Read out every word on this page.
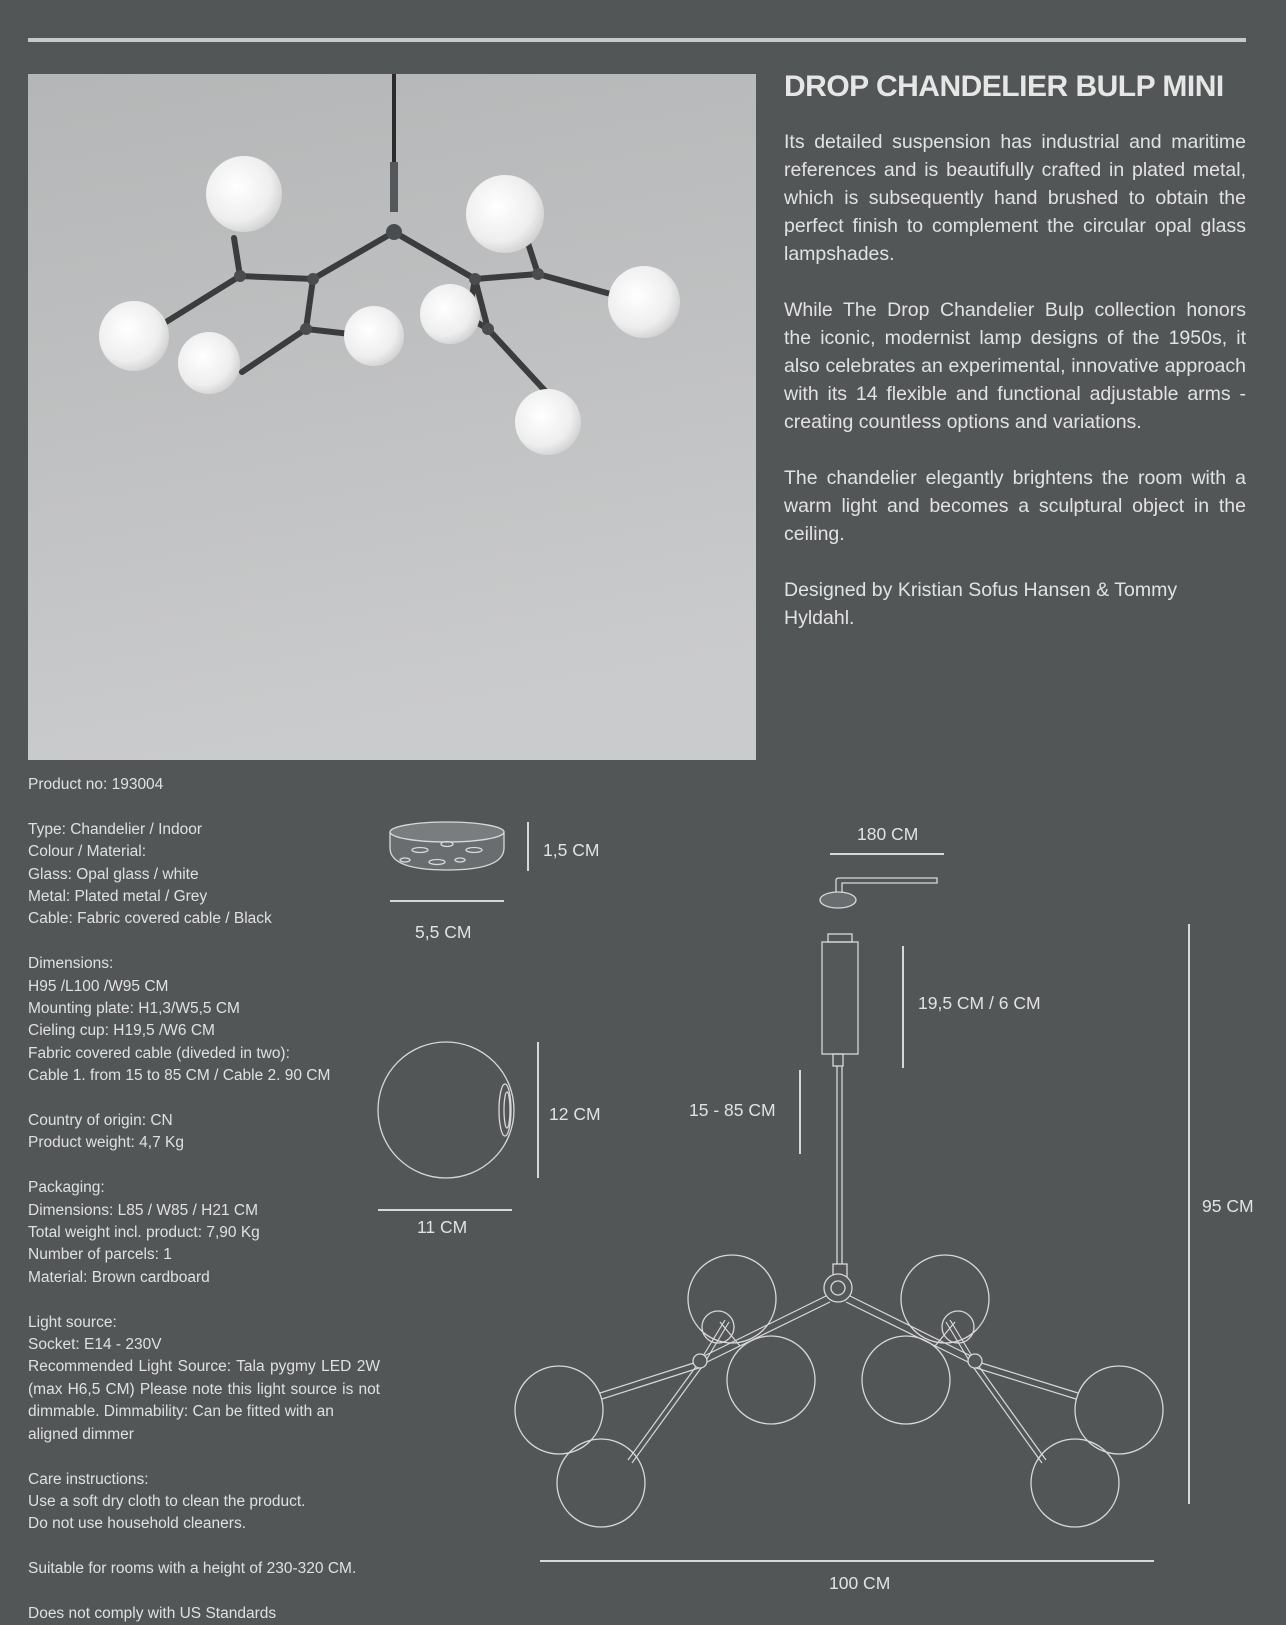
DROP CHANDELIER BULP MINI

Its detailed suspension has industrial and maritime references and is beautifully crafted in plated metal, which is subsequently hand brushed to obtain the perfect finish to complement the circular opal glass lampshades.

While The Drop Chandelier Bulp collection honors the iconic, modernist lamp designs of the 1950s, it also celebrates an experimental, innovative approach with its 14 flexible and functional adjustable arms - creating countless options and variations.

The chandelier elegantly brightens the room with a warm light and becomes a sculptural object in the ceiling.

Designed by Kristian Sofus Hansen & Tommy Hyldahl.

Product no: 193004
Type: Chandelier / Indoor
Colour / Material:
Glass: Opal glass / white
Metal: Plated metal / Grey
Cable: Fabric covered cable / Black
Dimensions:
H95 /L100 /W95 CM
Mounting plate: H1,3/W5,5 CM
Cieling cup: H19,5 /W6 CM
Fabric covered cable (diveded in two):
Cable 1. from 15 to 85 CM / Cable 2. 90 CM
Country of origin: CN
Product weight: 4,7 Kg
Packaging:
Dimensions: L85 / W85 / H21 CM
Total weight incl. product: 7,90 Kg
Number of parcels: 1
Material: Brown cardboard
Light source:
Socket: E14 - 230V
Recommended Light Source: Tala pygmy LED 2W
(max H6,5 CM) Please note this light source is not
dimmable. Dimmability: Can be fitted with an
aligned dimmer
Care instructions:
Use a soft dry cloth to clean the product.
Do not use household cleaners.
Suitable for rooms with a height of 230-320 CM.
Does not comply with US Standards
1,5 CM
5,5 CM
12 CM
11 CM
180 CM
19,5 CM / 6 CM
15 - 85 CM
95 CM
100 CM
